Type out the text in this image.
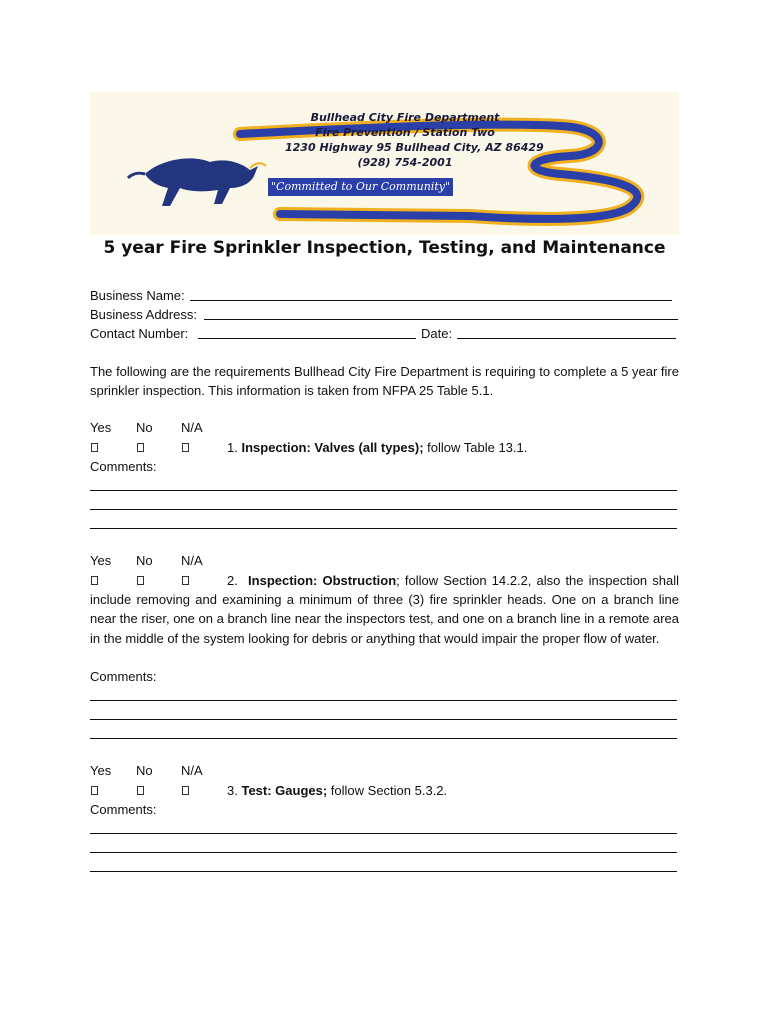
Bullhead City Fire Department
Fire Prevention / Station Two
1230 Highway 95 Bullhead City, AZ 86429
(928) 754-2001
"Committed to Our Community"
5 year Fire Sprinkler Inspection, Testing, and Maintenance
Business Name:
Business Address:
Contact Number:	Date:
The following are the requirements Bullhead City Fire Department is requiring to complete a 5 year fire sprinkler inspection. This information is taken from NFPA 25 Table 5.1.
Yes No N/A
1. Inspection: Valves (all types); follow Table 13.1.
Comments:
Yes No N/A
2. Inspection: Obstruction; follow Section 14.2.2, also the inspection shall include removing and examining a minimum of three (3) fire sprinkler heads. One on a branch line near the riser, one on a branch line near the inspectors test, and one on a branch line in a remote area in the middle of the system looking for debris or anything that would impair the proper flow of water.
Comments:
Yes No N/A
3. Test: Gauges; follow Section 5.3.2.
Comments:
